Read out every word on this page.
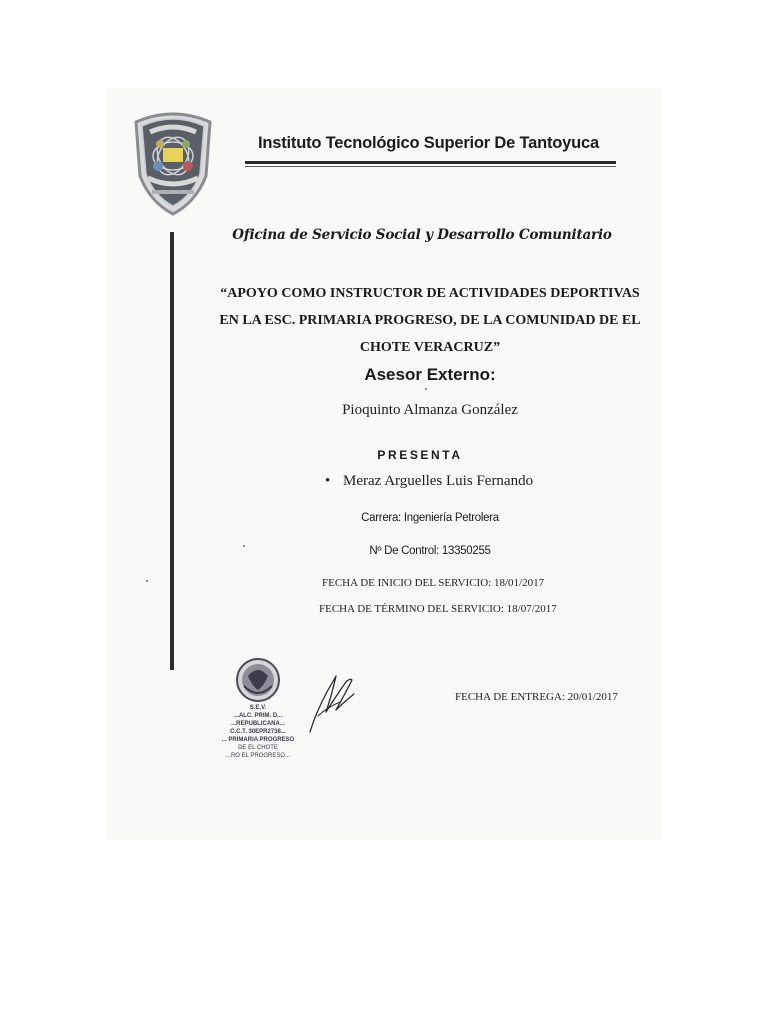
Instituto Tecnológico Superior De Tantoyuca
Oficina de Servicio Social y Desarrollo Comunitario
“APOYO COMO INSTRUCTOR DE ACTIVIDADES DEPORTIVAS
EN LA ESC. PRIMARIA PROGRESO, DE LA COMUNIDAD DE EL
CHOTE VERACRUZ”
Asesor Externo:
Pioquinto Almanza González
PRESENTA
• Meraz Arguelles Luis Fernando
Carrera: Ingeniería Petrolera
Nº De Control: 13350255
FECHA DE INICIO DEL SERVICIO: 18/01/2017
FECHA DE TÉRMINO DEL SERVICIO: 18/07/2017
S.E.V.
...ALC. PRIM. D...
...REPUBLICANA...
C.C.T. 30EPR2738...
... PRIMARIA PROGRESO
DE EL CHOTE
...RO EL PROGRESO...
FECHA DE ENTREGA: 20/01/2017
